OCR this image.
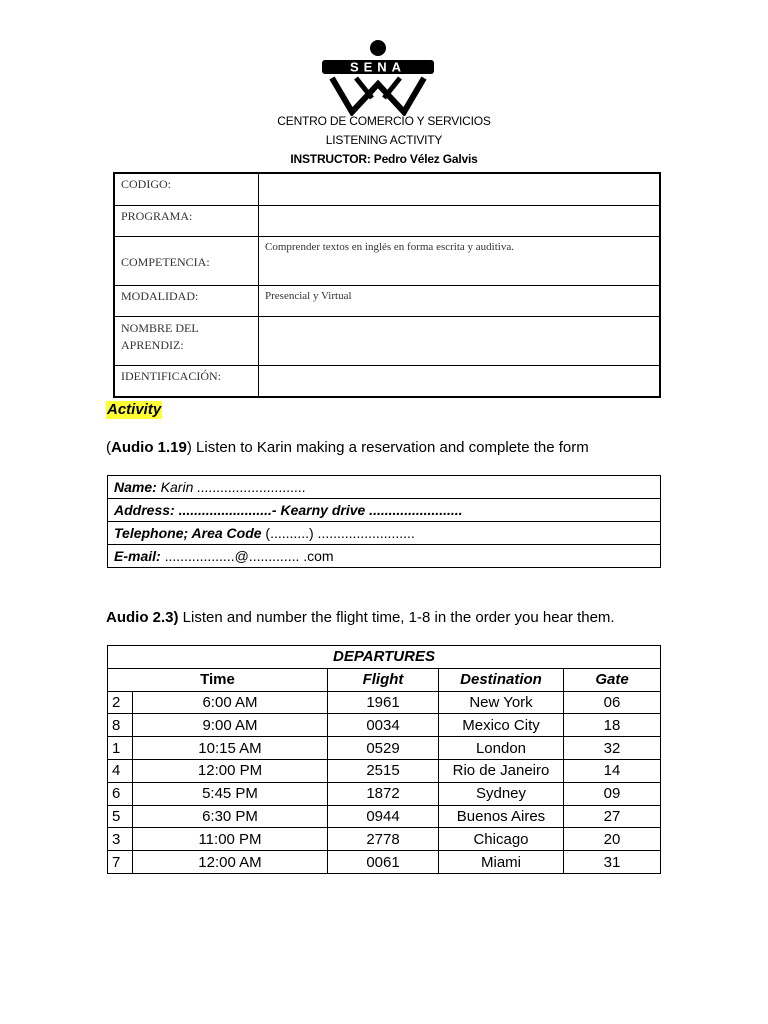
SENA
CENTRO DE COMERCIO Y SERVICIOS
LISTENING ACTIVITY
INSTRUCTOR: Pedro Vélez Galvis
CODIGO:	
PROGRAMA:	
COMPETENCIA:	Comprender textos en inglés en forma escrita y auditiva.
MODALIDAD:	Presencial y Virtual
NOMBRE DEL APRENDIZ:	
IDENTIFICACIÓN:	
Activity
(Audio 1.19) Listen to Karin making a reservation and complete the form
Name: Karin ............................
Address: ........................- Kearny drive ........................
Telephone; Area Code (..........) .........................
E-mail: ..................@............. .com
Audio 2.3) Listen and number the flight time, 1-8 in the order you hear them.
DEPARTURES				
Time		Flight	Destination	Gate
2	6:00 AM	1961	New York	06
8	9:00 AM	0034	Mexico City	18
1	10:15 AM	0529	London	32
4	12:00 PM	2515	Rio de Janeiro	14
6	5:45 PM	1872	Sydney	09
5	6:30 PM	0944	Buenos Aires	27
3	11:00 PM	2778	Chicago	20
7	12:00 AM	0061	Miami	31
